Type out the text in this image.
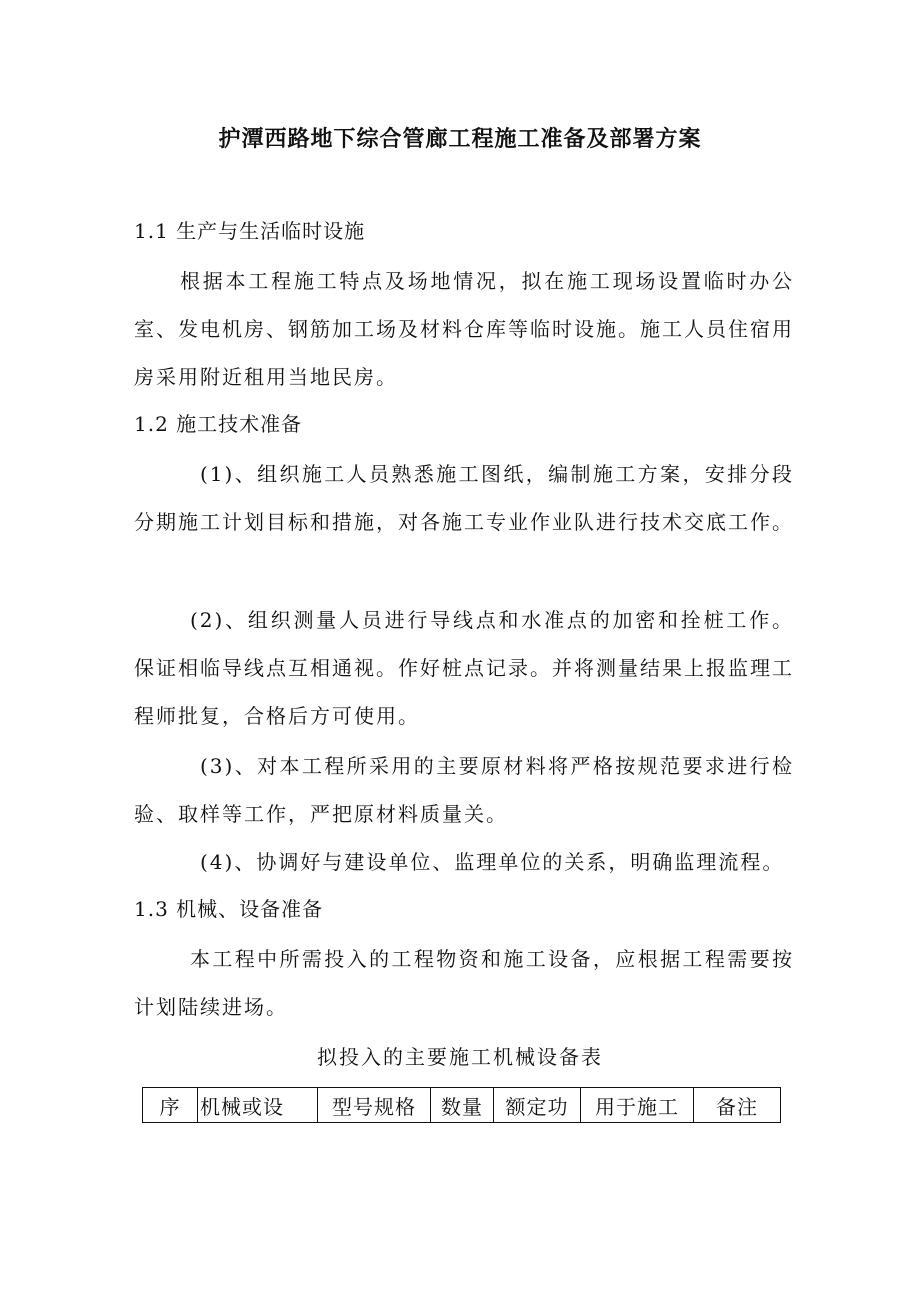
护潭西路地下综合管廊工程施工准备及部署方案
1.1 生产与生活临时设施
根据本工程施工特点及场地情况，拟在施工现场设置临时办公室、发电机房、钢筋加工场及材料仓库等临时设施。施工人员住宿用房采用附近租用当地民房。
1.2 施工技术准备
(1)、组织施工人员熟悉施工图纸，编制施工方案，安排分段分期施工计划目标和措施，对各施工专业作业队进行技术交底工作。
(2)、组织测量人员进行导线点和水准点的加密和拴桩工作。保证相临导线点互相通视。作好桩点记录。并将测量结果上报监理工程师批复，合格后方可使用。
(3)、对本工程所采用的主要原材料将严格按规范要求进行检验、取样等工作，严把原材料质量关。
(4)、协调好与建设单位、监理单位的关系，明确监理流程。
1.3 机械、设备准备
本工程中所需投入的工程物资和施工设备，应根据工程需要按计划陆续进场。
拟投入的主要施工机械设备表
序	机械或设	型号规格	数量	额定功	用于施工	备注
